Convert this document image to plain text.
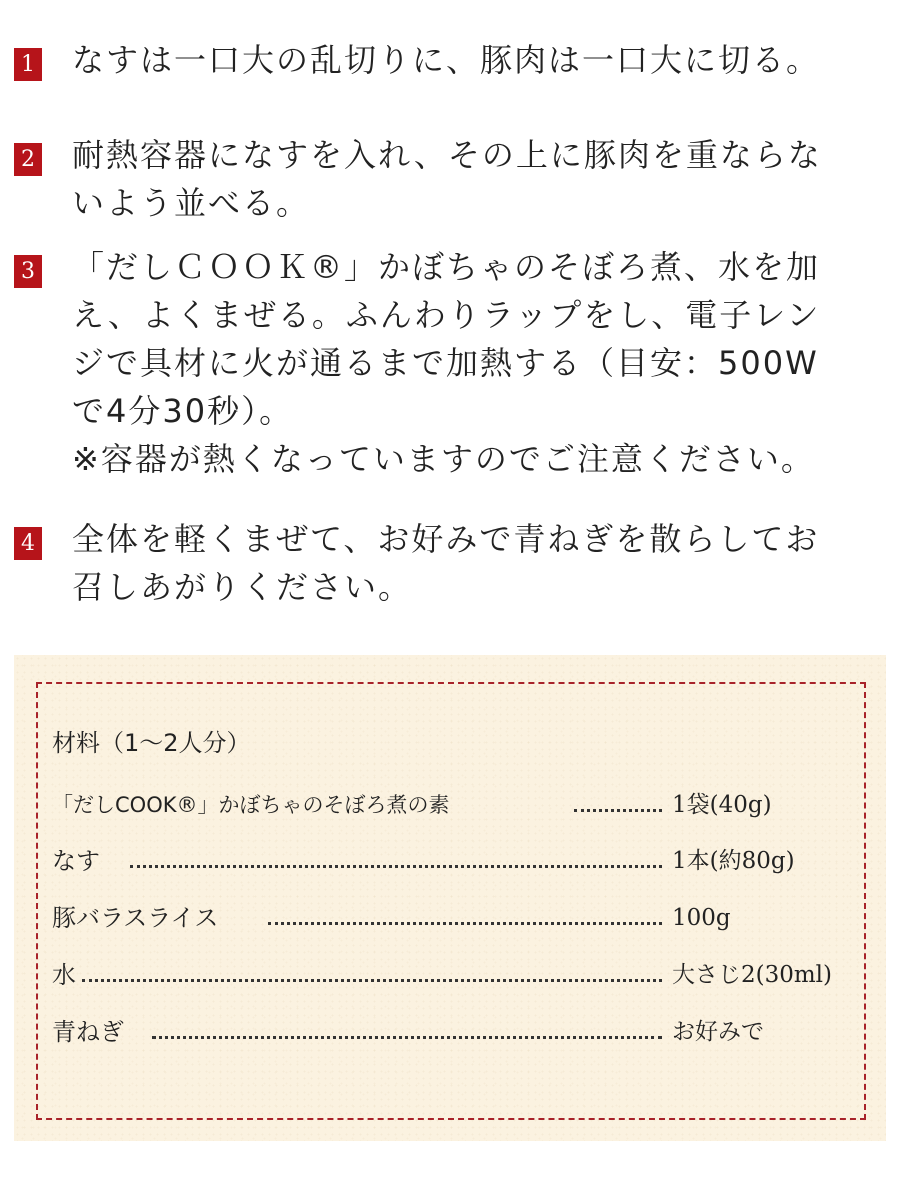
1 なすは一口大の乱切りに、豚肉は一口大に切る。
2 耐熱容器になすを入れ、その上に豚肉を重ならな
いよう並べる。
3 「だしＣＯＯＫ®」かぼちゃのそぼろ煮、水を加
え、よくまぜる。ふんわりラップをし、電子レン
ジで具材に火が通るまで加熱する（目安：500W
で4分30秒）。
※容器が熱くなっていますのでご注意ください。
4 全体を軽くまぜて、お好みで青ねぎを散らしてお
召しあがりください。
材料（1～2人分）
「だしCOOK®」かぼちゃのそぼろ煮の素	1袋(40g)
なす	1本(約80g)
豚バラスライス	100g
水	大さじ2(30ml)
青ねぎ	お好みで
